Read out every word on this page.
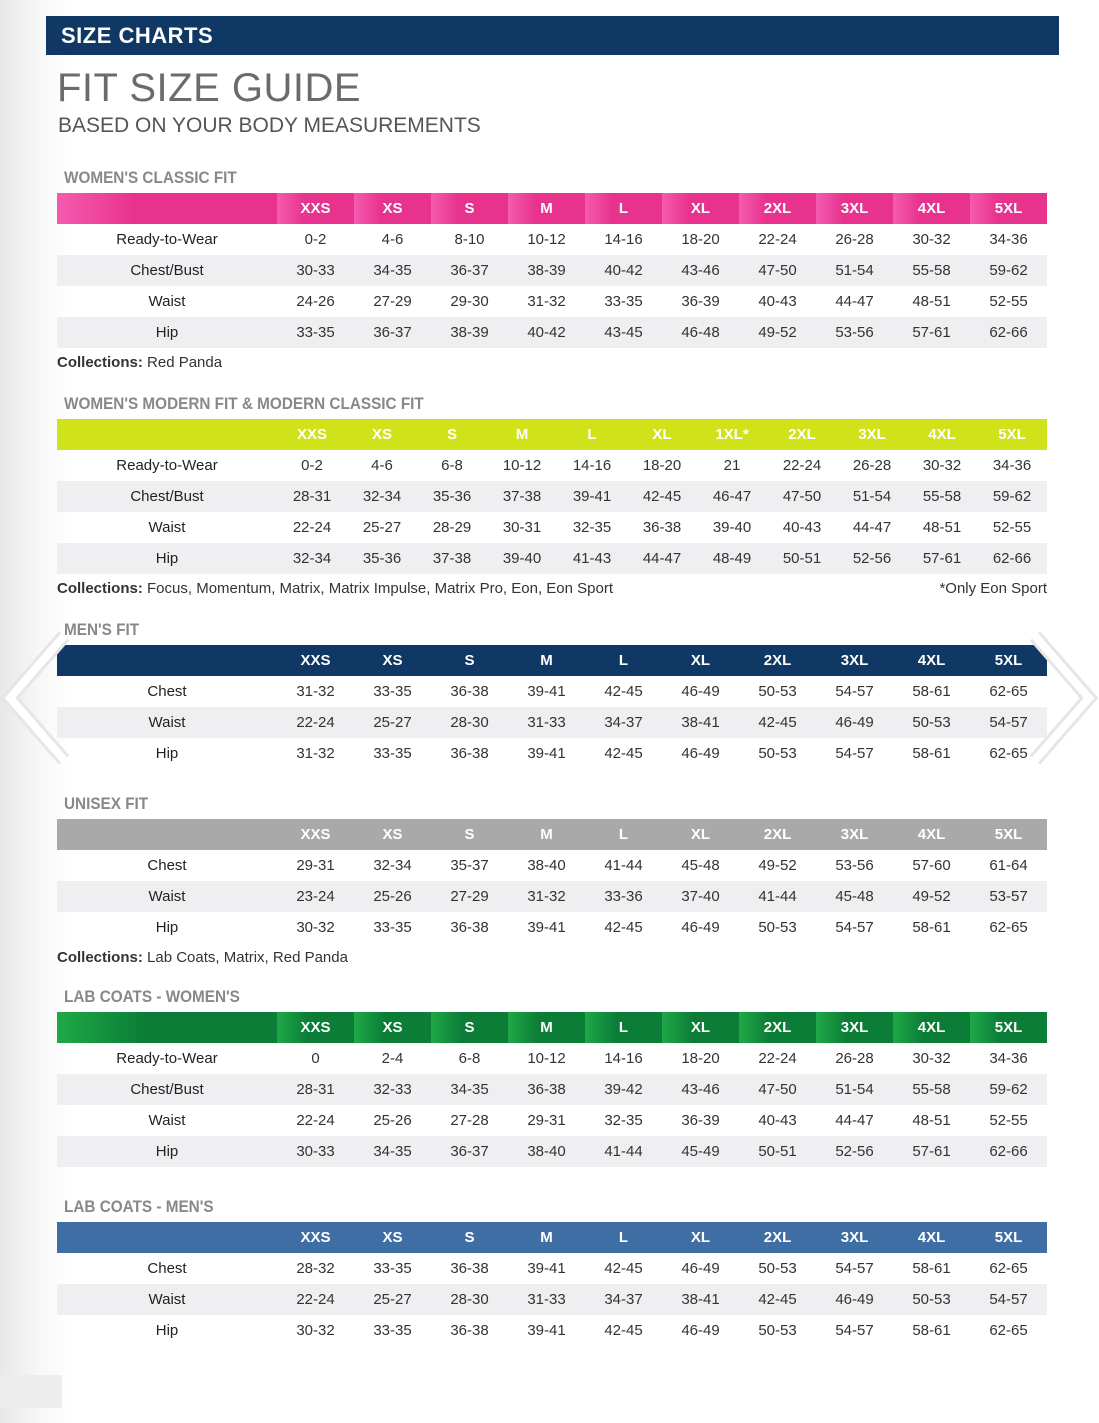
SIZE CHARTS
FIT SIZE GUIDE
BASED ON YOUR BODY MEASUREMENTS
WOMEN'S CLASSIC FIT
	XXS	XS	S	M	L	XL	2XL	3XL	4XL	5XL
Ready-to-Wear	0-2	4-6	8-10	10-12	14-16	18-20	22-24	26-28	30-32	34-36
Chest/Bust	30-33	34-35	36-37	38-39	40-42	43-46	47-50	51-54	55-58	59-62
Waist	24-26	27-29	29-30	31-32	33-35	36-39	40-43	44-47	48-51	52-55
Hip	33-35	36-37	38-39	40-42	43-45	46-48	49-52	53-56	57-61	62-66
Collections: Red Panda
WOMEN'S MODERN FIT & MODERN CLASSIC FIT
	XXS	XS	S	M	L	XL	1XL*	2XL	3XL	4XL	5XL
Ready-to-Wear	0-2	4-6	6-8	10-12	14-16	18-20	21	22-24	26-28	30-32	34-36
Chest/Bust	28-31	32-34	35-36	37-38	39-41	42-45	46-47	47-50	51-54	55-58	59-62
Waist	22-24	25-27	28-29	30-31	32-35	36-38	39-40	40-43	44-47	48-51	52-55
Hip	32-34	35-36	37-38	39-40	41-43	44-47	48-49	50-51	52-56	57-61	62-66
Collections: Focus, Momentum, Matrix, Matrix Impulse, Matrix Pro, Eon, Eon Sport	*Only Eon Sport
MEN'S FIT
	XXS	XS	S	M	L	XL	2XL	3XL	4XL	5XL
Chest	31-32	33-35	36-38	39-41	42-45	46-49	50-53	54-57	58-61	62-65
Waist	22-24	25-27	28-30	31-33	34-37	38-41	42-45	46-49	50-53	54-57
Hip	31-32	33-35	36-38	39-41	42-45	46-49	50-53	54-57	58-61	62-65
UNISEX FIT
	XXS	XS	S	M	L	XL	2XL	3XL	4XL	5XL
Chest	29-31	32-34	35-37	38-40	41-44	45-48	49-52	53-56	57-60	61-64
Waist	23-24	25-26	27-29	31-32	33-36	37-40	41-44	45-48	49-52	53-57
Hip	30-32	33-35	36-38	39-41	42-45	46-49	50-53	54-57	58-61	62-65
Collections: Lab Coats, Matrix, Red Panda
LAB COATS - WOMEN'S
	XXS	XS	S	M	L	XL	2XL	3XL	4XL	5XL
Ready-to-Wear	0	2-4	6-8	10-12	14-16	18-20	22-24	26-28	30-32	34-36
Chest/Bust	28-31	32-33	34-35	36-38	39-42	43-46	47-50	51-54	55-58	59-62
Waist	22-24	25-26	27-28	29-31	32-35	36-39	40-43	44-47	48-51	52-55
Hip	30-33	34-35	36-37	38-40	41-44	45-49	50-51	52-56	57-61	62-66
LAB COATS - MEN'S
	XXS	XS	S	M	L	XL	2XL	3XL	4XL	5XL
Chest	28-32	33-35	36-38	39-41	42-45	46-49	50-53	54-57	58-61	62-65
Waist	22-24	25-27	28-30	31-33	34-37	38-41	42-45	46-49	50-53	54-57
Hip	30-32	33-35	36-38	39-41	42-45	46-49	50-53	54-57	58-61	62-65
